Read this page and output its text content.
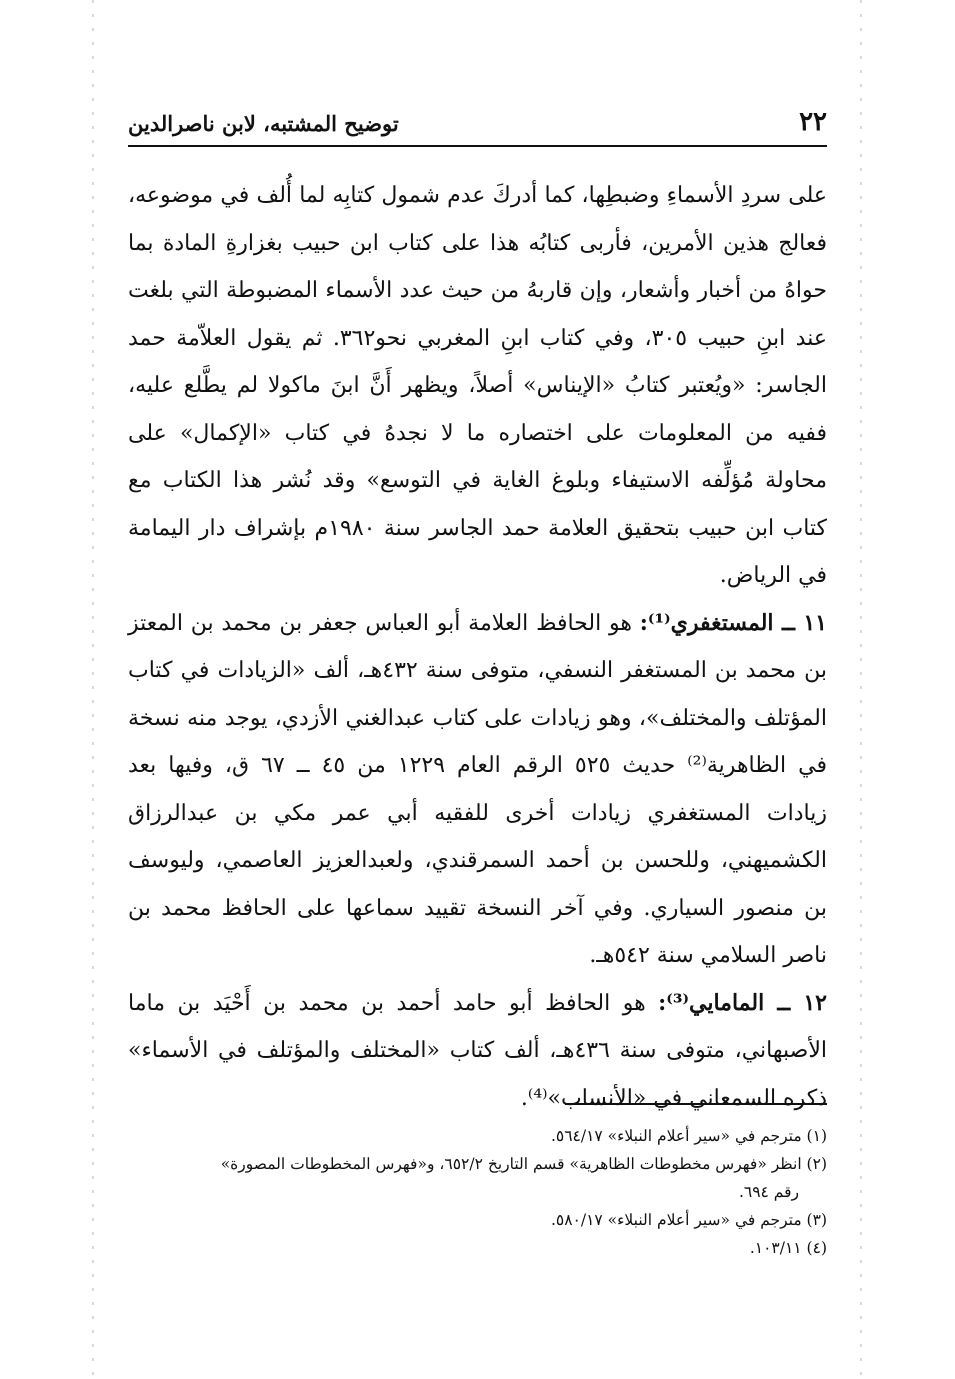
٢٢
توضيح المشتبه، لابن ناصرالدين

على سردِ الأسماءِ وضبطِها، كما أدركَ عدم شمول كتابِه لما أُلف في موضوعه، فعالج هذين الأمرين، فأربى كتابُه هذا على كتاب ابن حبيب بغزارةِ المادة بما حواهُ من أخبار وأشعار، وإن قاربهُ من حيث عدد الأسماء المضبوطة التي بلغت عند ابنِ حبيب ٣٠٥، وفي كتاب ابنِ المغربي نحو٣٦٢. ثم يقول العلاّمة حمد الجاسر: «ويُعتبر كتابُ «الإيناس» أصلاً، ويظهر أَنَّ ابنَ ماكولا لم يطَّلع عليه، ففيه من المعلومات على اختصاره ما لا نجدهُ في كتاب «الإكمال» على محاولة مُؤلِّفه الاستيفاء وبلوغ الغاية في التوسع» وقد نُشر هذا الكتاب مع كتاب ابن حبيب بتحقيق العلامة حمد الجاسر سنة ١٩٨٠م بإشراف دار اليمامة في الرياض.

١١ ــ المستغفري⁽¹⁾: هو الحافظ العلامة أبو العباس جعفر بن محمد بن المعتز بن محمد بن المستغفر النسفي، متوفى سنة ٤٣٢هـ، ألف «الزيادات في كتاب المؤتلف والمختلف»، وهو زيادات على كتاب عبدالغني الأزدي، يوجد منه نسخة في الظاهرية⁽²⁾ حديث ٥٢٥ الرقم العام ١٢٢٩ من ٤٥ ــ ٦٧ ق، وفيها بعد زيادات المستغفري زيادات أخرى للفقيه أبي عمر مكي بن عبدالرزاق الكشميهني، وللحسن بن أحمد السمرقندي، ولعبدالعزيز العاصمي، وليوسف بن منصور السياري. وفي آخر النسخة تقييد سماعها على الحافظ محمد بن ناصر السلامي سنة ٥٤٢هـ.

١٢ ــ المامايي⁽³⁾: هو الحافظ أبو حامد أحمد بن محمد بن أَحْيَد بن ماما الأصبهاني، متوفى سنة ٤٣٦هـ، ألف كتاب «المختلف والمؤتلف في الأسماء» ذكره السمعاني في «الأنساب»⁽⁴⁾.

(١) مترجم في «سير أعلام النبلاء» ٥٦٤/١٧.

(٢) انظر «فهرس مخطوطات الظاهرية» قسم التاريخ ٦٥٢/٢، و«فهرس المخطوطات المصورة»

رقم ٦٩٤.

(٣) مترجم في «سير أعلام النبلاء» ٥٨٠/١٧.

(٤) ١٠٣/١١.
